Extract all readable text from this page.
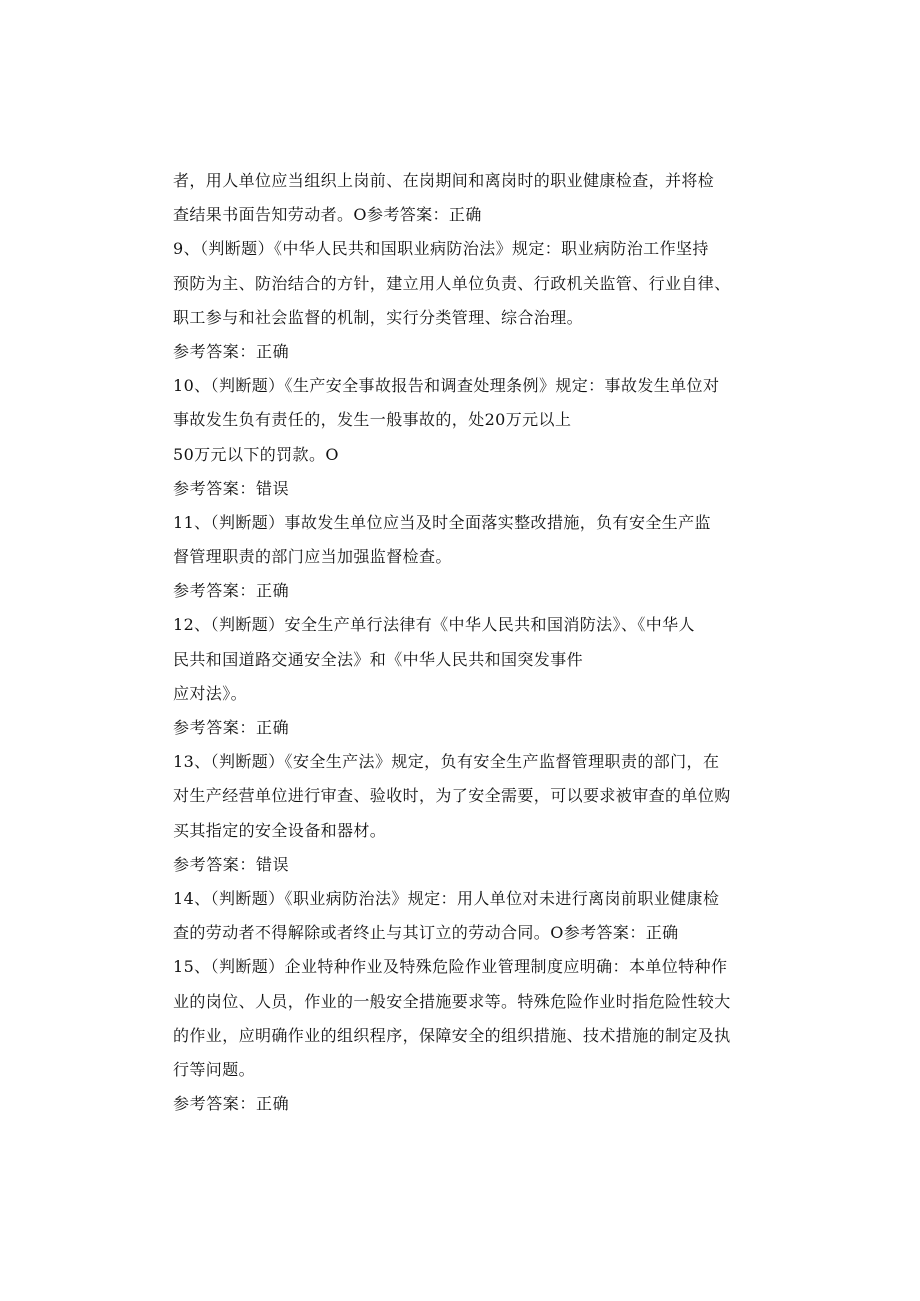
者，用人单位应当组织上岗前、在岗期间和离岗时的职业健康检查，并将检
查结果书面告知劳动者。O参考答案：正确
9、（判断题）《中华人民共和国职业病防治法》规定：职业病防治工作坚持
预防为主、防治结合的方针，建立用人单位负责、行政机关监管、行业自律、
职工参与和社会监督的机制，实行分类管理、综合治理。
参考答案：正确
10、（判断题）《生产安全事故报告和调查处理条例》规定：事故发生单位对
事故发生负有责任的，发生一般事故的，处20万元以上
50万元以下的罚款。O
参考答案：错误
11、（判断题）事故发生单位应当及时全面落实整改措施，负有安全生产监
督管理职责的部门应当加强监督检查。
参考答案：正确
12、（判断题）安全生产单行法律有《中华人民共和国消防法》、《中华人
民共和国道路交通安全法》和《中华人民共和国突发事件
应对法》。
参考答案：正确
13、（判断题）《安全生产法》规定，负有安全生产监督管理职责的部门，在
对生产经营单位进行审查、验收时，为了安全需要，可以要求被审查的单位购
买其指定的安全设备和器材。
参考答案：错误
14、（判断题）《职业病防治法》规定：用人单位对未进行离岗前职业健康检
查的劳动者不得解除或者终止与其订立的劳动合同。O参考答案：正确
15、（判断题）企业特种作业及特殊危险作业管理制度应明确：本单位特种作
业的岗位、人员，作业的一般安全措施要求等。特殊危险作业时指危险性较大
的作业，应明确作业的组织程序，保障安全的组织措施、技术措施的制定及执
行等问题。
参考答案：正确
